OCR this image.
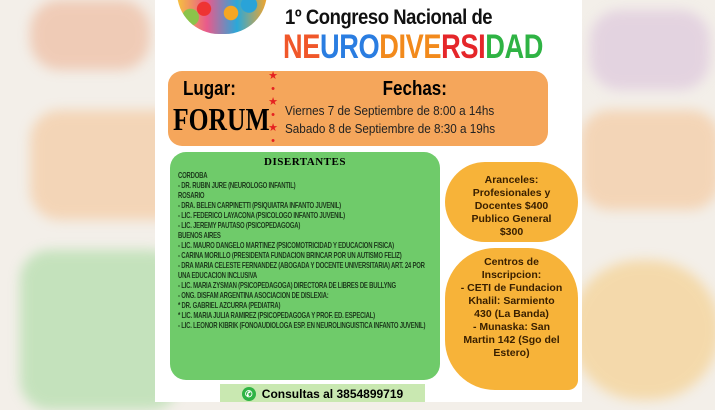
1º Congreso Nacional de
NEURODIVERSIDAD
Lugar:
FORUM
★
•
★
•
★
•
Fechas:
Viernes 7 de Septiembre de 8:00 a 14hs
Sabado 8 de Septiembre de 8:30 a 19hs
DISERTANTES

CORDOBA

- DR. RUBIN JURE (NEUROLOGO INFANTIL)

ROSARIO

- DRA. BELEN CARPINETTI (PSIQUIATRA INFANTO JUVENIL)

- LIC. FEDERICO LAYACONA (PSICOLOGO INFANTO JUVENIL)

- LIC. JEREMY PAUTASO (PSICOPEDAGOGA)

BUENOS AIRES

- LIC. MAURO DANGELO MARTINEZ (PSICOMOTRICIDAD Y EDUCACION FISICA)

- CARINA MORILLO (PRESIDENTA FUNDACION BRINCAR POR UN AUTISMO FELIZ)

- DRA MARIA CELESTE FERNANDEZ (ABOGADA Y DOCENTE UNIVERSITARIA) ART. 24 POR UNA EDUCACION INCLUSIVA

- LIC. MARIA ZYSMAN (PSICOPEDAGOGA) DIRECTORA DE LIBRES DE BULLYNG

- ONG. DISFAM ARGENTINA ASOCIACION DE DISLEXIA:

* DR. GABRIEL AZCURRA (PEDIATRA)

* LIC. MARIA JULIA RAMIREZ (PSICOPEDAGOGA Y PROF. ED. ESPECIAL)

- LIC. LEONOR KIBRIK (FONOAUDIOLOGA ESP. EN NEUROLINGUISTICA INFANTO JUVENIL)

Aranceles:
Profesionales y
Docentes $400
Publico General
$300
Centros de
Inscripcion:
- CETI de Fundacion
Khalil: Sarmiento
430 (La Banda)
- Munaska: San
Martin 142 (Sgo del
Estero)
✆ Consultas al 3854899719
